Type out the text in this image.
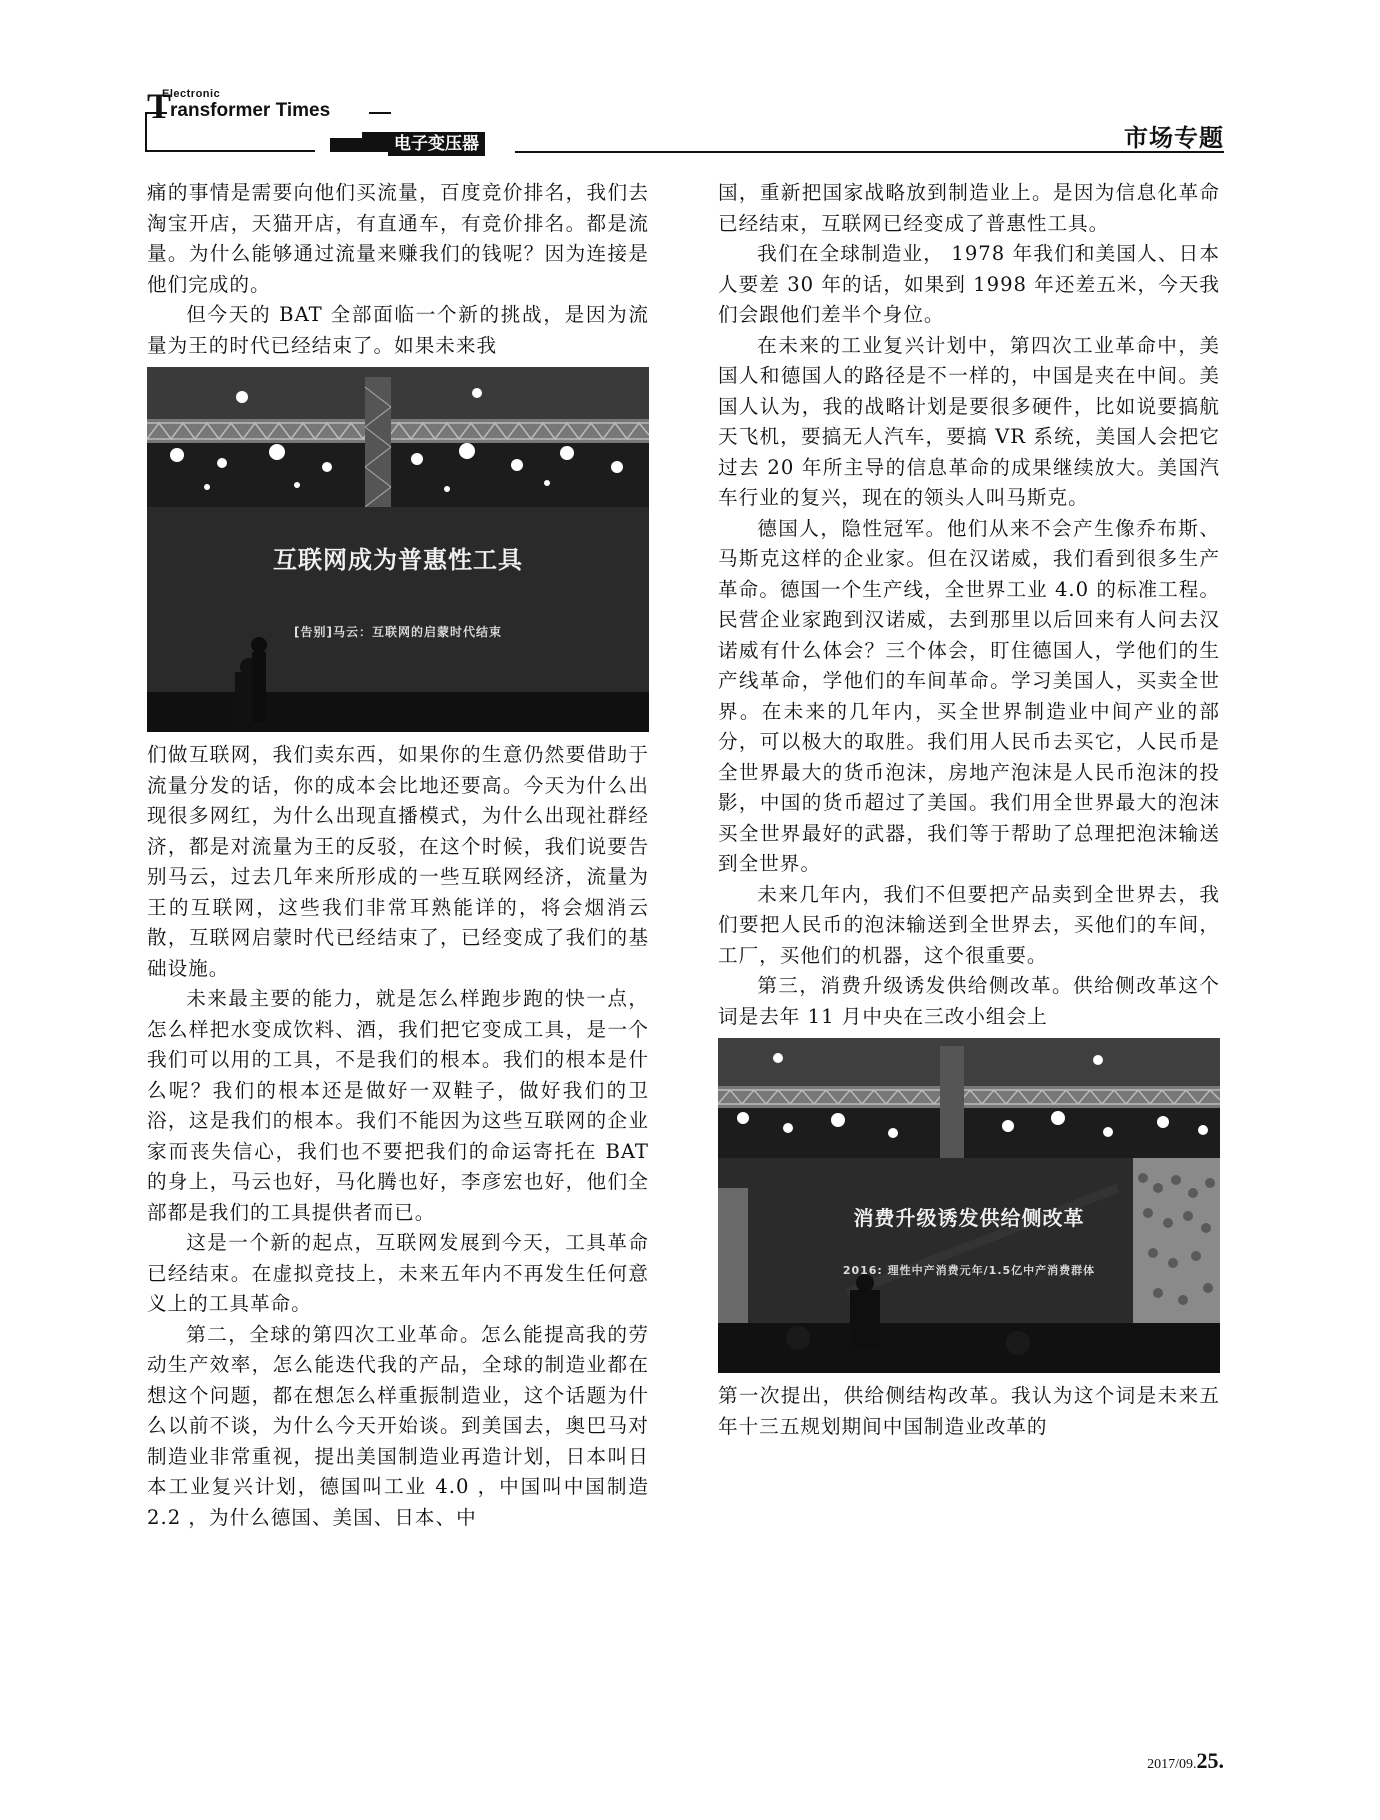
T
Electronic
ransformer Times
电子变压器	市场专题

痛的事情是需要向他们买流量，百度竞价排名，我们去淘宝开店，天猫开店，有直通车，有竞价排名。都是流量。为什么能够通过流量来赚我们的钱呢？因为连接是他们完成的。

但今天的 BAT 全部面临一个新的挑战，是因为流量为王的时代已经结束了。如果未来我

互联网成为普惠性工具
[告别]马云：互联网的启蒙时代结束

们做互联网，我们卖东西，如果你的生意仍然要借助于流量分发的话，你的成本会比地还要高。今天为什么出现很多网红，为什么出现直播模式，为什么出现社群经济，都是对流量为王的反驳，在这个时候，我们说要告别马云，过去几年来所形成的一些互联网经济，流量为王的互联网，这些我们非常耳熟能详的，将会烟消云散，互联网启蒙时代已经结束了，已经变成了我们的基础设施。

未来最主要的能力，就是怎么样跑步跑的快一点，怎么样把水变成饮料、酒，我们把它变成工具，是一个我们可以用的工具，不是我们的根本。我们的根本是什么呢？我们的根本还是做好一双鞋子，做好我们的卫浴，这是我们的根本。我们不能因为这些互联网的企业家而丧失信心，我们也不要把我们的命运寄托在 BAT 的身上，马云也好，马化腾也好，李彦宏也好，他们全部都是我们的工具提供者而已。

这是一个新的起点，互联网发展到今天，工具革命已经结束。在虚拟竞技上，未来五年内不再发生任何意义上的工具革命。

第二，全球的第四次工业革命。怎么能提高我的劳动生产效率，怎么能迭代我的产品，全球的制造业都在想这个问题，都在想怎么样重振制造业，这个话题为什么以前不谈，为什么今天开始谈。到美国去，奥巴马对制造业非常重视，提出美国制造业再造计划，日本叫日本工业复兴计划，德国叫工业 4.0 ，中国叫中国制造 2.2 ，为什么德国、美国、日本、中

国，重新把国家战略放到制造业上。是因为信息化革命已经结束，互联网已经变成了普惠性工具。

我们在全球制造业， 1978 年我们和美国人、日本人要差 30 年的话，如果到 1998 年还差五米，今天我们会跟他们差半个身位。

在未来的工业复兴计划中，第四次工业革命中，美国人和德国人的路径是不一样的，中国是夹在中间。美国人认为，我的战略计划是要很多硬件，比如说要搞航天飞机，要搞无人汽车，要搞 VR 系统，美国人会把它过去 20 年所主导的信息革命的成果继续放大。美国汽车行业的复兴，现在的领头人叫马斯克。

德国人，隐性冠军。他们从来不会产生像乔布斯、马斯克这样的企业家。但在汉诺威，我们看到很多生产革命。德国一个生产线，全世界工业 4.0 的标准工程。民营企业家跑到汉诺威，去到那里以后回来有人问去汉诺威有什么体会？三个体会，盯住德国人，学他们的生产线革命，学他们的车间革命。学习美国人，买卖全世界。在未来的几年内，买全世界制造业中间产业的部分，可以极大的取胜。我们用人民币去买它，人民币是全世界最大的货币泡沫，房地产泡沫是人民币泡沫的投影，中国的货币超过了美国。我们用全世界最大的泡沫买全世界最好的武器，我们等于帮助了总理把泡沫输送到全世界。

未来几年内，我们不但要把产品卖到全世界去，我们要把人民币的泡沫输送到全世界去，买他们的车间，工厂，买他们的机器，这个很重要。

第三，消费升级诱发供给侧改革。供给侧改革这个词是去年 11 月中央在三改小组会上

消费升级诱发供给侧改革
2016: 理性中产消费元年/1.5亿中产消费群体

第一次提出，供给侧结构改革。我认为这个词是未来五年十三五规划期间中国制造业改革的

2017/09.25.
